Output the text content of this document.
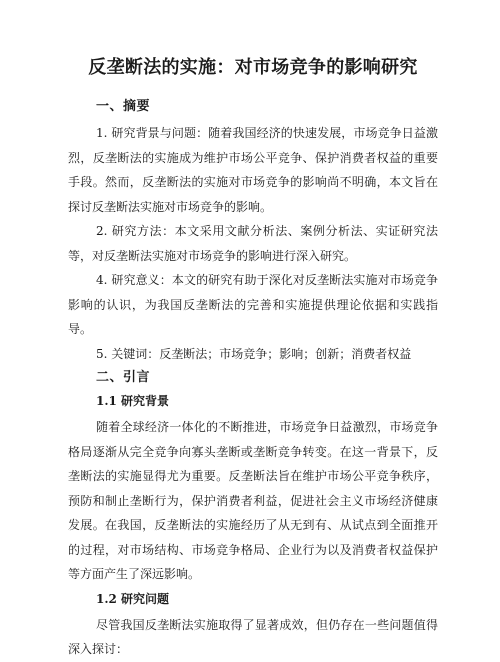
反垄断法的实施：对市场竞争的影响研究
一、摘要

1. 研究背景与问题：随着我国经济的快速发展，市场竞争日益激烈，反垄断法的实施成为维护市场公平竞争、保护消费者权益的重要手段。然而，反垄断法的实施对市场竞争的影响尚不明确，本文旨在探讨反垄断法实施对市场竞争的影响。

2. 研究方法：本文采用文献分析法、案例分析法、实证研究法等，对反垄断法实施对市场竞争的影响进行深入研究。

4. 研究意义：本文的研究有助于深化对反垄断法实施对市场竞争影响的认识，为我国反垄断法的完善和实施提供理论依据和实践指导。

5. 关键词：反垄断法；市场竞争；影响；创新；消费者权益

二、引言
1.1 研究背景

随着全球经济一体化的不断推进，市场竞争日益激烈，市场竞争格局逐渐从完全竞争向寡头垄断或垄断竞争转变。在这一背景下，反垄断法的实施显得尤为重要。反垄断法旨在维护市场公平竞争秩序，预防和制止垄断行为，保护消费者利益，促进社会主义市场经济健康发展。在我国，反垄断法的实施经历了从无到有、从试点到全面推开的过程，对市场结构、市场竞争格局、企业行为以及消费者权益保护等方面产生了深远影响。

1.2 研究问题

尽管我国反垄断法实施取得了显著成效，但仍存在一些问题值得深入探讨：
